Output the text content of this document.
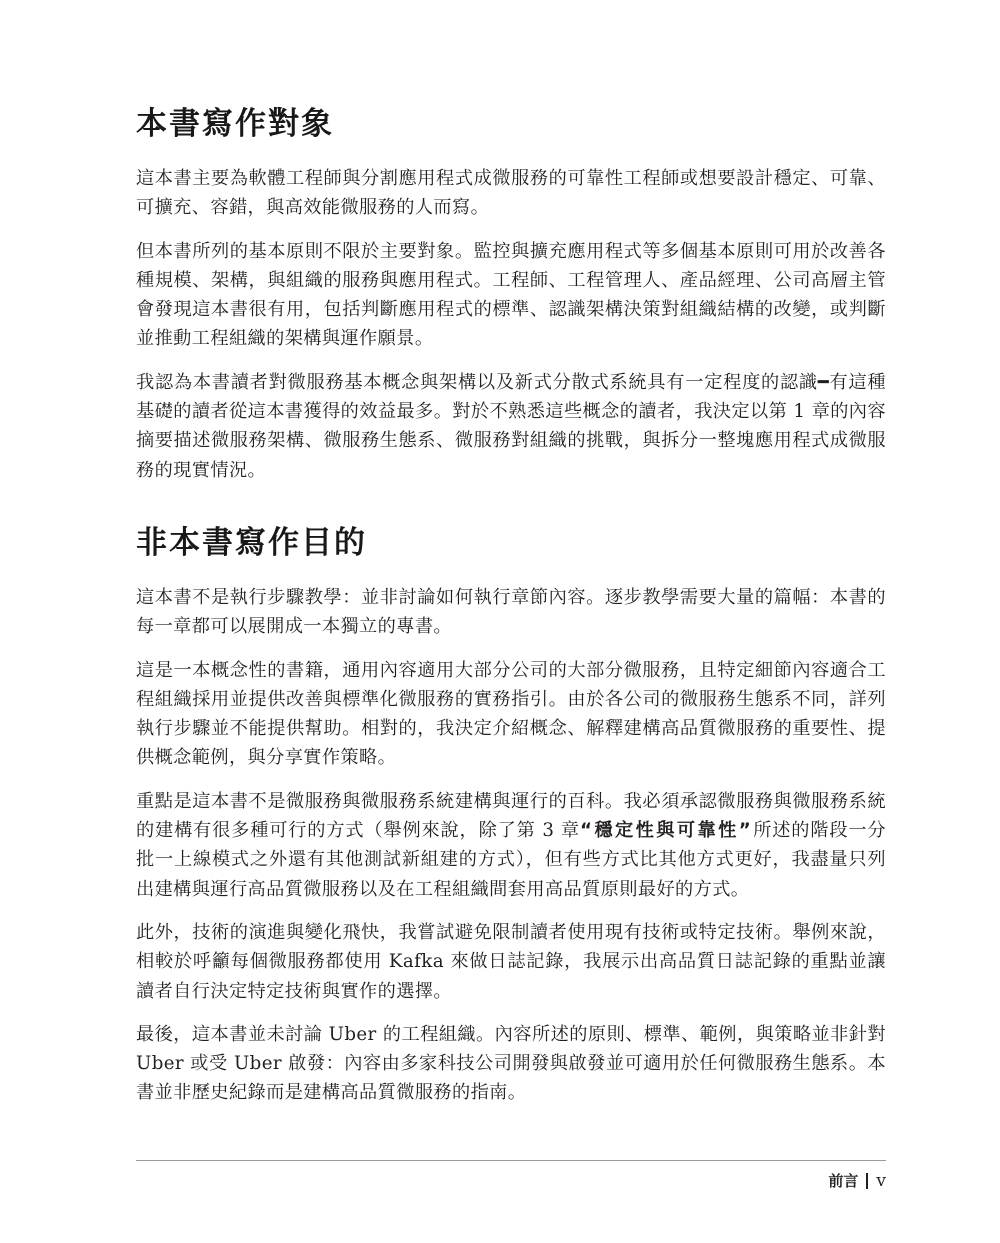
本書寫作對象

這本書主要為軟體工程師與分割應用程式成微服務的可靠性工程師或想要設計穩定、可靠、可擴充、容錯，與高效能微服務的人而寫。

但本書所列的基本原則不限於主要對象。監控與擴充應用程式等多個基本原則可用於改善各種規模、架構，與組織的服務與應用程式。工程師、工程管理人、產品經理、公司高層主管會發現這本書很有用，包括判斷應用程式的標準、認識架構決策對組織結構的改變，或判斷並推動工程組織的架構與運作願景。

我認為本書讀者對微服務基本概念與架構以及新式分散式系統具有一定程度的認識━有這種基礎的讀者從這本書獲得的效益最多。對於不熟悉這些概念的讀者，我決定以第 1 章的內容摘要描述微服務架構、微服務生態系、微服務對組織的挑戰，與拆分一整塊應用程式成微服務的現實情況。

非本書寫作目的

這本書不是執行步驟教學：並非討論如何執行章節內容。逐步教學需要大量的篇幅：本書的每一章都可以展開成一本獨立的專書。

這是一本概念性的書籍，通用內容適用大部分公司的大部分微服務，且特定細節內容適合工程組織採用並提供改善與標準化微服務的實務指引。由於各公司的微服務生態系不同，詳列執行步驟並不能提供幫助。相對的，我決定介紹概念、解釋建構高品質微服務的重要性、提供概念範例，與分享實作策略。

重點是這本書不是微服務與微服務系統建構與運行的百科。我必須承認微服務與微服務系統的建構有很多種可行的方式（舉例來說，除了第 3 章“穩定性與可靠性”所述的階段一分批一上線模式之外還有其他測試新組建的方式），但有些方式比其他方式更好，我盡量只列出建構與運行高品質微服務以及在工程組織間套用高品質原則最好的方式。

此外，技術的演進與變化飛快，我嘗試避免限制讀者使用現有技術或特定技術。舉例來說，相較於呼籲每個微服務都使用 Kafka 來做日誌記錄，我展示出高品質日誌記錄的重點並讓讀者自行決定特定技術與實作的選擇。

最後，這本書並未討論 Uber 的工程組織。內容所述的原則、標準、範例，與策略並非針對 Uber 或受 Uber 啟發：內容由多家科技公司開發與啟發並可適用於任何微服務生態系。本書並非歷史紀錄而是建構高品質微服務的指南。

前言 v
